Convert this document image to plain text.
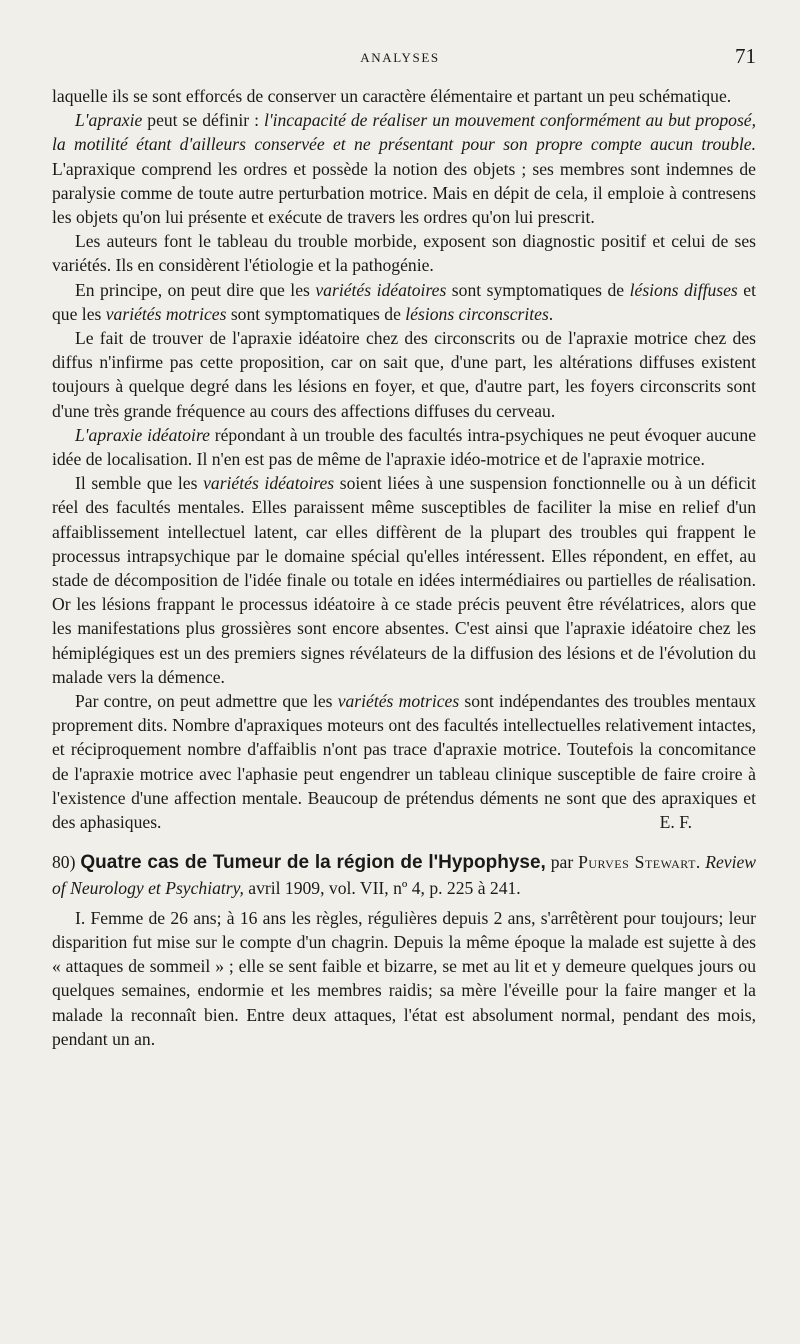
ANALYSES	71

laquelle ils se sont efforcés de conserver un caractère élémentaire et partant un peu schématique.

L'apraxie peut se définir : l'incapacité de réaliser un mouvement conformément au but proposé, la motilité étant d'ailleurs conservée et ne présentant pour son propre compte aucun trouble. L'apraxique comprend les ordres et possède la notion des objets ; ses membres sont indemnes de paralysie comme de toute autre perturbation motrice. Mais en dépit de cela, il emploie à contresens les objets qu'on lui présente et exécute de travers les ordres qu'on lui prescrit.

Les auteurs font le tableau du trouble morbide, exposent son diagnostic positif et celui de ses variétés. Ils en considèrent l'étiologie et la pathogénie.

En principe, on peut dire que les variétés idéatoires sont symptomatiques de lésions diffuses et que les variétés motrices sont symptomatiques de lésions circonscrites.

Le fait de trouver de l'apraxie idéatoire chez des circonscrits ou de l'apraxie motrice chez des diffus n'infirme pas cette proposition, car on sait que, d'une part, les altérations diffuses existent toujours à quelque degré dans les lésions en foyer, et que, d'autre part, les foyers circonscrits sont d'une très grande fréquence au cours des affections diffuses du cerveau.

L'apraxie idéatoire répondant à un trouble des facultés intra-psychiques ne peut évoquer aucune idée de localisation. Il n'en est pas de même de l'apraxie idéo-motrice et de l'apraxie motrice.

Il semble que les variétés idéatoires soient liées à une suspension fonctionnelle ou à un déficit réel des facultés mentales. Elles paraissent même susceptibles de faciliter la mise en relief d'un affaiblissement intellectuel latent, car elles diffèrent de la plupart des troubles qui frappent le processus intrapsychique par le domaine spécial qu'elles intéressent. Elles répondent, en effet, au stade de décomposition de l'idée finale ou totale en idées intermédiaires ou partielles de réalisation. Or les lésions frappant le processus idéatoire à ce stade précis peuvent être révélatrices, alors que les manifestations plus grossières sont encore absentes. C'est ainsi que l'apraxie idéatoire chez les hémiplégiques est un des premiers signes révélateurs de la diffusion des lésions et de l'évolution du malade vers la démence.

Par contre, on peut admettre que les variétés motrices sont indépendantes des troubles mentaux proprement dits. Nombre d'apraxiques moteurs ont des facultés intellectuelles relativement intactes, et réciproquement nombre d'affaiblis n'ont pas trace d'apraxie motrice. Toutefois la concomitance de l'apraxie motrice avec l'aphasie peut engendrer un tableau clinique susceptible de faire croire à l'existence d'une affection mentale. Beaucoup de prétendus déments ne sont que des apraxiques et des aphasiques.	E. F.

80) Quatre cas de Tumeur de la région de l'Hypophyse, par Purves Stewart. Review of Neurology et Psychiatry, avril 1909, vol. VII, nº 4, p. 225 à 241.

I. Femme de 26 ans; à 16 ans les règles, régulières depuis 2 ans, s'arrêtèrent pour toujours; leur disparition fut mise sur le compte d'un chagrin. Depuis la même époque la malade est sujette à des « attaques de sommeil » ; elle se sent faible et bizarre, se met au lit et y demeure quelques jours ou quelques semaines, endormie et les membres raidis; sa mère l'éveille pour la faire manger et la malade la reconnaît bien. Entre deux attaques, l'état est absolument normal, pendant des mois, pendant un an.
